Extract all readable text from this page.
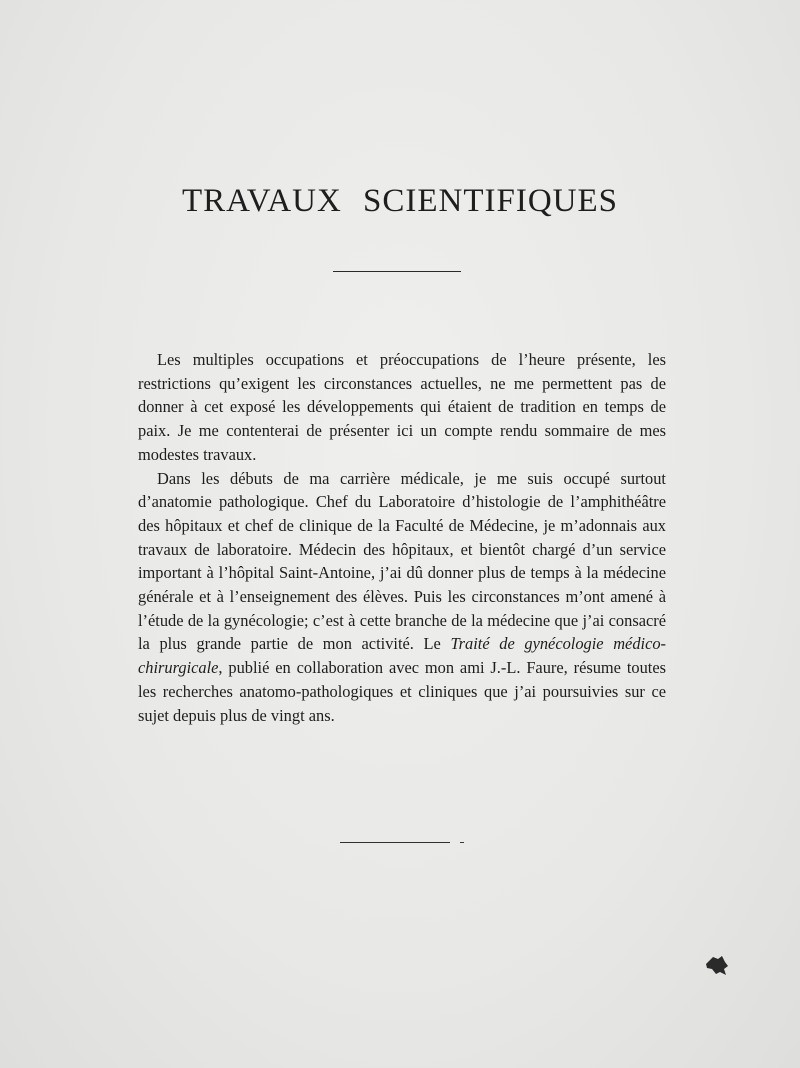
TRAVAUX SCIENTIFIQUES

Les multiples occupations et préoccupations de l’heure présente, les restrictions qu’exigent les circonstances actuelles, ne me permettent pas de donner à cet exposé les développements qui étaient de tradition en temps de paix. Je me contenterai de présenter ici un compte rendu sommaire de mes modestes travaux.

Dans les débuts de ma carrière médicale, je me suis occupé surtout d’anatomie pathologique. Chef du Laboratoire d’histologie de l’amphithéâtre des hôpitaux et chef de clinique de la Faculté de Médecine, je m’adonnais aux travaux de laboratoire. Médecin des hôpitaux, et bientôt chargé d’un service important à l’hôpital Saint-Antoine, j’ai dû donner plus de temps à la médecine générale et à l’enseignement des élèves. Puis les circonstances m’ont amené à l’étude de la gynécologie; c’est à cette branche de la médecine que j’ai consacré la plus grande partie de mon activité. Le Traité de gynécologie médico-chirurgicale, publié en collaboration avec mon ami J.-L. Faure, résume toutes les recherches anatomo-pathologiques et cliniques que j’ai poursuivies sur ce sujet depuis plus de vingt ans.
